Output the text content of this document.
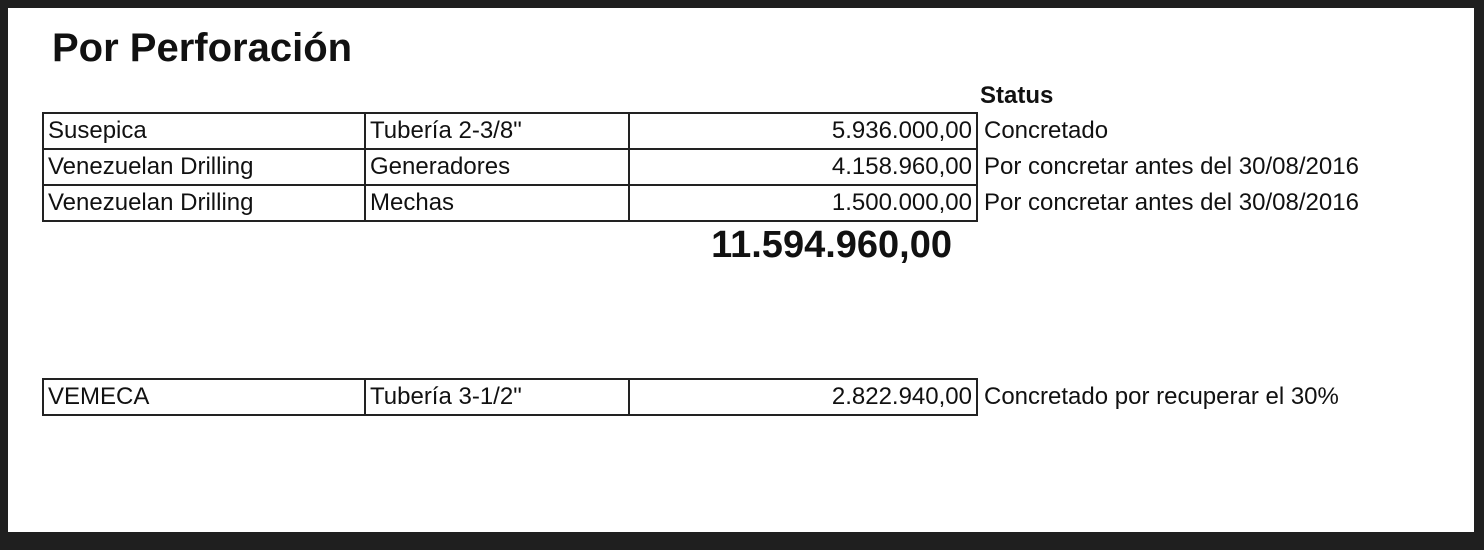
Por Perforación
Status
Susepica	Tubería 2-3/8"	5.936.000,00	Concretado
Venezuelan Drilling	Generadores	4.158.960,00	Por concretar antes del 30/08/2016
Venezuelan Drilling	Mechas	1.500.000,00	Por concretar antes del 30/08/2016
11.594.960,00
VEMECA	Tubería 3-1/2"	2.822.940,00	Concretado por recuperar el 30%
